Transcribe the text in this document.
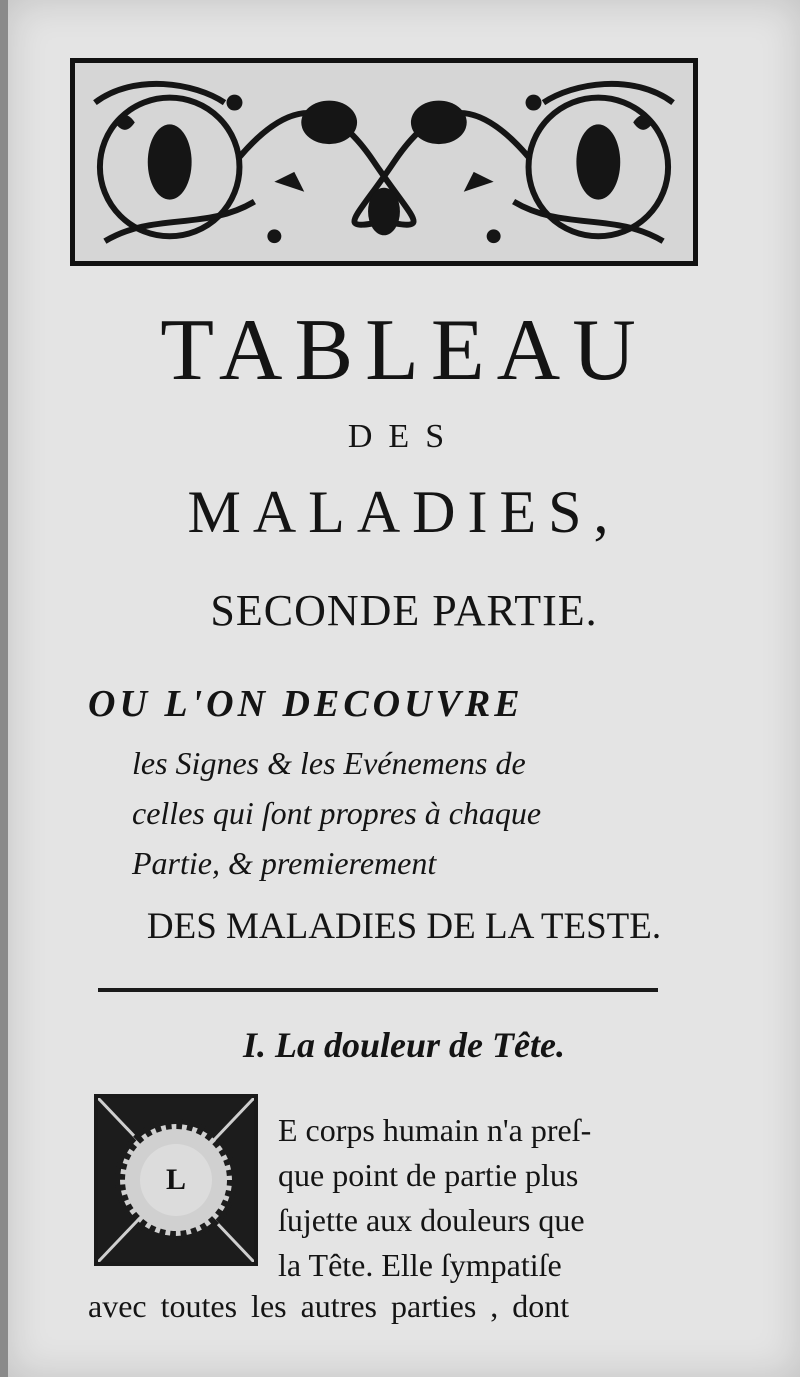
TABLEAU
DES
MALADIES,
SECONDE PARTIE.
OU L'ON DECOUVRE
les Signes & les Evénemens de
celles qui ſont propres à chaque
Partie, & premierement
DES MALADIES DE LA TESTE.
I. La douleur de Tête.
L
E corps humain n'a preſ-
que point de partie plus
ſujette aux douleurs que
la Tête. Elle ſympatiſe
avec toutes les autres parties , dont
